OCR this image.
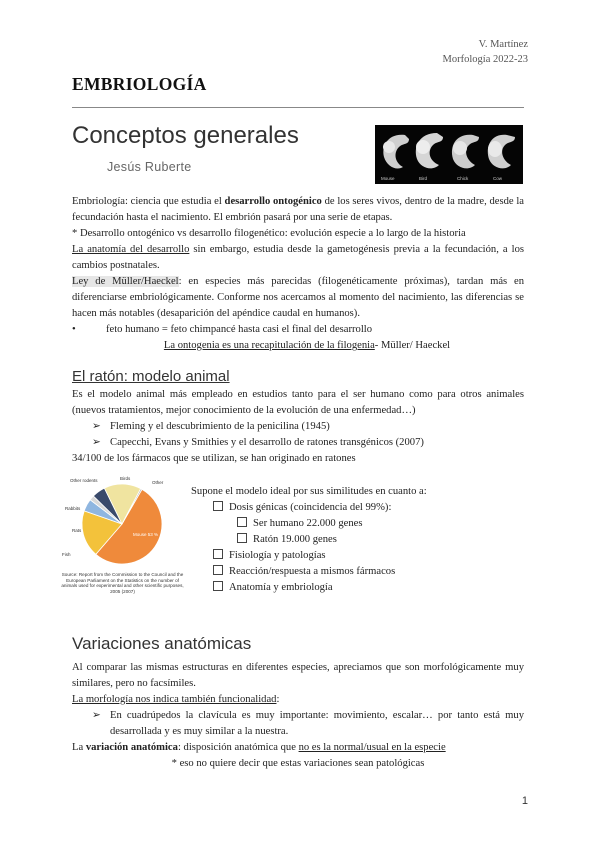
V. Martínez
Morfología 2022-23
EMBRIOLOGÍA
Conceptos generales
Jesús Ruberte
Mouse	Bird	Chick	Cow
Embriología: ciencia que estudia el desarrollo ontogénico de los seres vivos, dentro de la madre, desde la fecundación hasta el nacimiento. El embrión pasará por una serie de etapas.
* Desarrollo ontogénico vs desarrollo filogenético: evolución especie a lo largo de la historia
La anatomía del desarrollo sin embargo, estudia desde la gametogénesis previa a la fecundación, a los cambios postnatales.
Ley de Müller/Haeckel: en especies más parecidas (filogenéticamente próximas), tardan más en diferenciarse embriológicamente. Conforme nos acercamos al momento del nacimiento, las diferencias se hacen más notables (desaparición del apéndice caudal en humanos).
•	feto humano = feto chimpancé hasta casi el final del desarrollo
La ontogenia es una recapitulación de la filogenia- Müller/ Haeckel
El ratón: modelo animal
Es el modelo animal más empleado en estudios tanto para el ser humano como para otros animales (nuevos tratamientos, mejor conocimiento de la evolución de una enfermedad…)
➢ Fleming y el descubrimiento de la penicilina (1945)
➢ Capecchi, Evans y Smithies y el desarrollo de ratones transgénicos (2007)
34/100 de los fármacos que se utilizan, se han originado en ratones
Mouse 53 %
Other rodents	Birds
Rabbits
Fish
Other
Rats
Source: Report from the Commission to the Council and the European Parliament on the Statistics on the number of animals used for experimental and other scientific purposes, 2005 (2007)
Supone el modelo ideal por sus similitudes en cuanto a:
Dosis génicas (coincidencia del 99%):
Ser humano 22.000 genes
Ratón 19.000 genes
Fisiología y patologías
Reacción/respuesta a mismos fármacos
Anatomía y embriología
Variaciones anatómicas
Al comparar las mismas estructuras en diferentes especies, apreciamos que son morfológicamente muy similares, pero no facsímiles.
La morfología nos indica también funcionalidad:
➢ En cuadrúpedos la clavícula es muy importante: movimiento, escalar… por tanto está muy desarrollada y es muy similar a la nuestra.
La variación anatómica: disposición anatómica que no es la normal/usual en la especie
* eso no quiere decir que estas variaciones sean patológicas
1
